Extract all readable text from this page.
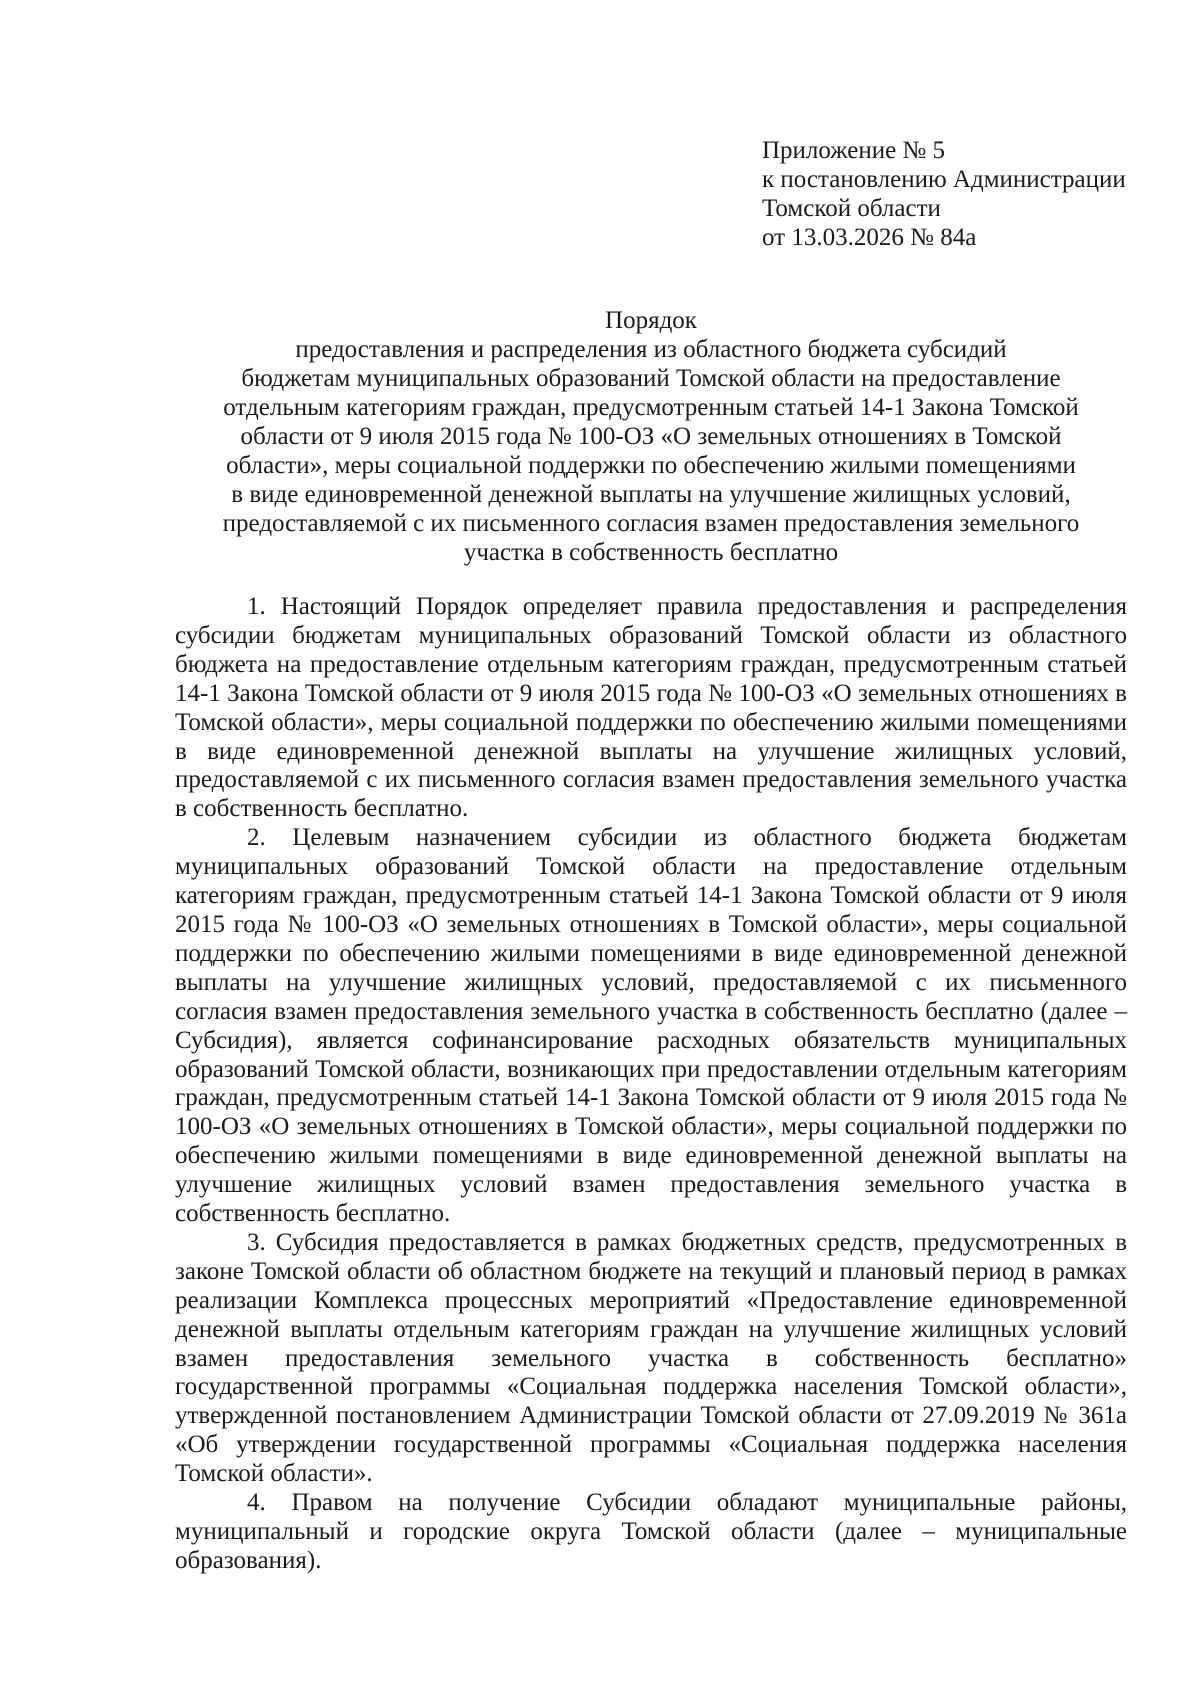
Приложение № 5
к постановлению Администрации
Томской области
от 13.03.2026 № 84а
Порядок
предоставления и распределения из областного бюджета субсидий
бюджетам муниципальных образований Томской области на предоставление
отдельным категориям граждан, предусмотренным статьей 14-1 Закона Томской
области от 9 июля 2015 года № 100-ОЗ «О земельных отношениях в Томской
области», меры социальной поддержки по обеспечению жилыми помещениями
в виде единовременной денежной выплаты на улучшение жилищных условий,
предоставляемой с их письменного согласия взамен предоставления земельного
участка в собственность бесплатно

1. Настоящий Порядок определяет правила предоставления и распределения субсидии бюджетам муниципальных образований Томской области из областного бюджета на предоставление отдельным категориям граждан, предусмотренным статьей 14-1 Закона Томской области от 9 июля 2015 года № 100-ОЗ «О земельных отношениях в Томской области», меры социальной поддержки по обеспечению жилыми помещениями в виде единовременной денежной выплаты на улучшение жилищных условий, предоставляемой с их письменного согласия взамен предоставления земельного участка в собственность бесплатно.

2. Целевым назначением субсидии из областного бюджета бюджетам муниципальных образований Томской области на предоставление отдельным категориям граждан, предусмотренным статьей 14-1 Закона Томской области от 9 июля 2015 года № 100-ОЗ «О земельных отношениях в Томской области», меры социальной поддержки по обеспечению жилыми помещениями в виде единовременной денежной выплаты на улучшение жилищных условий, предоставляемой с их письменного согласия взамен предоставления земельного участка в собственность бесплатно (далее – Субсидия), является софинансирование расходных обязательств муниципальных образований Томской области, возникающих при предоставлении отдельным категориям граждан, предусмотренным статьей 14-1 Закона Томской области от 9 июля 2015 года № 100-ОЗ «О земельных отношениях в Томской области», меры социальной поддержки по обеспечению жилыми помещениями в виде единовременной денежной выплаты на улучшение жилищных условий взамен предоставления земельного участка в собственность бесплатно.

3. Субсидия предоставляется в рамках бюджетных средств, предусмотренных в законе Томской области об областном бюджете на текущий и плановый период в рамках реализации Комплекса процессных мероприятий «Предоставление единовременной денежной выплаты отдельным категориям граждан на улучшение жилищных условий взамен предоставления земельного участка в собственность бесплатно» государственной программы «Социальная поддержка населения Томской области», утвержденной постановлением Администрации Томской области от 27.09.2019 № 361а «Об утверждении государственной программы «Социальная поддержка населения Томской области».

4. Правом на получение Субсидии обладают муниципальные районы, муниципальный и городские округа Томской области (далее – муниципальные образования).
